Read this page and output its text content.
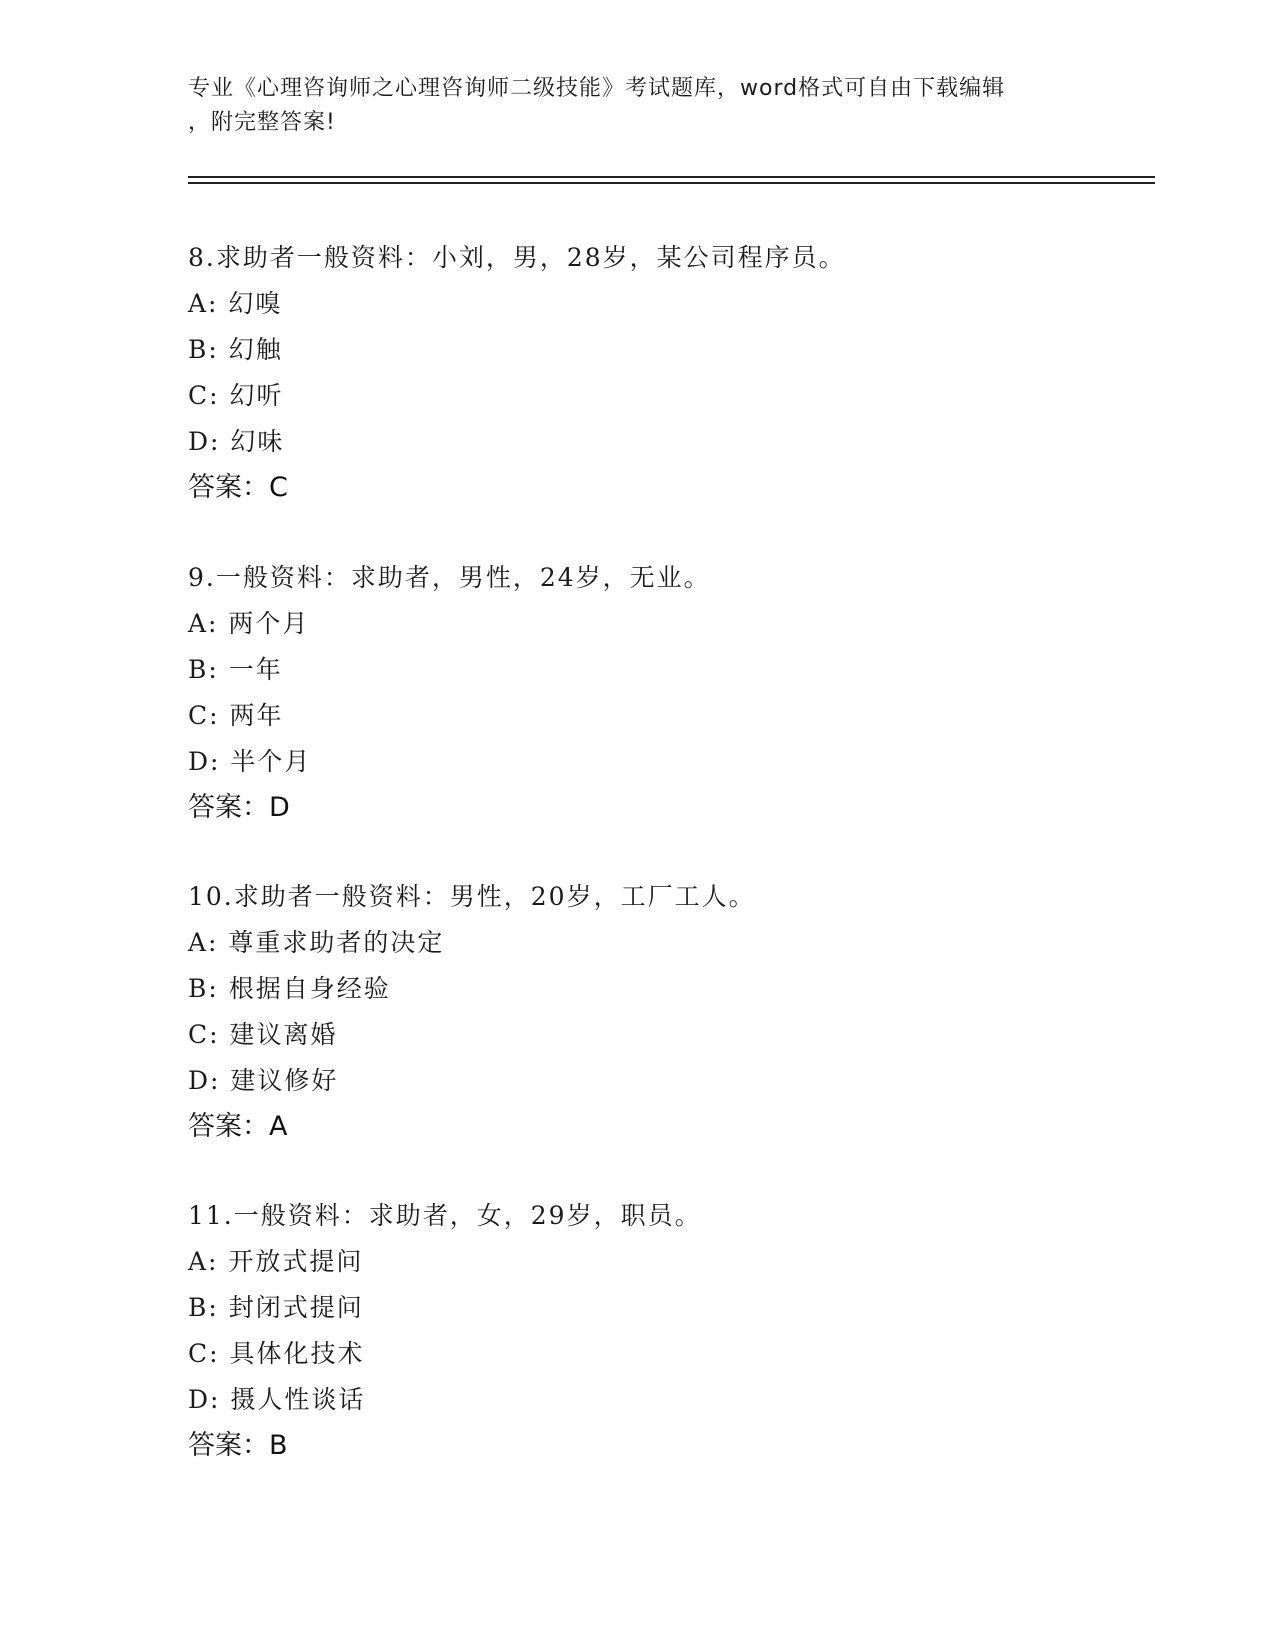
专业《心理咨询师之心理咨询师二级技能》考试题库，word格式可自由下载编辑
，附完整答案!
8.求助者一般资料：小刘，男，28岁，某公司程序员。
A: 幻嗅
B: 幻触
C: 幻听
D: 幻味
答案：C
9.一般资料：求助者，男性，24岁，无业。
A: 两个月
B: 一年
C: 两年
D: 半个月
答案：D
10.求助者一般资料：男性，20岁，工厂工人。
A: 尊重求助者的决定
B: 根据自身经验
C: 建议离婚
D: 建议修好
答案：A
11.一般资料：求助者，女，29岁，职员。
A: 开放式提问
B: 封闭式提问
C: 具体化技术
D: 摄人性谈话
答案：B
